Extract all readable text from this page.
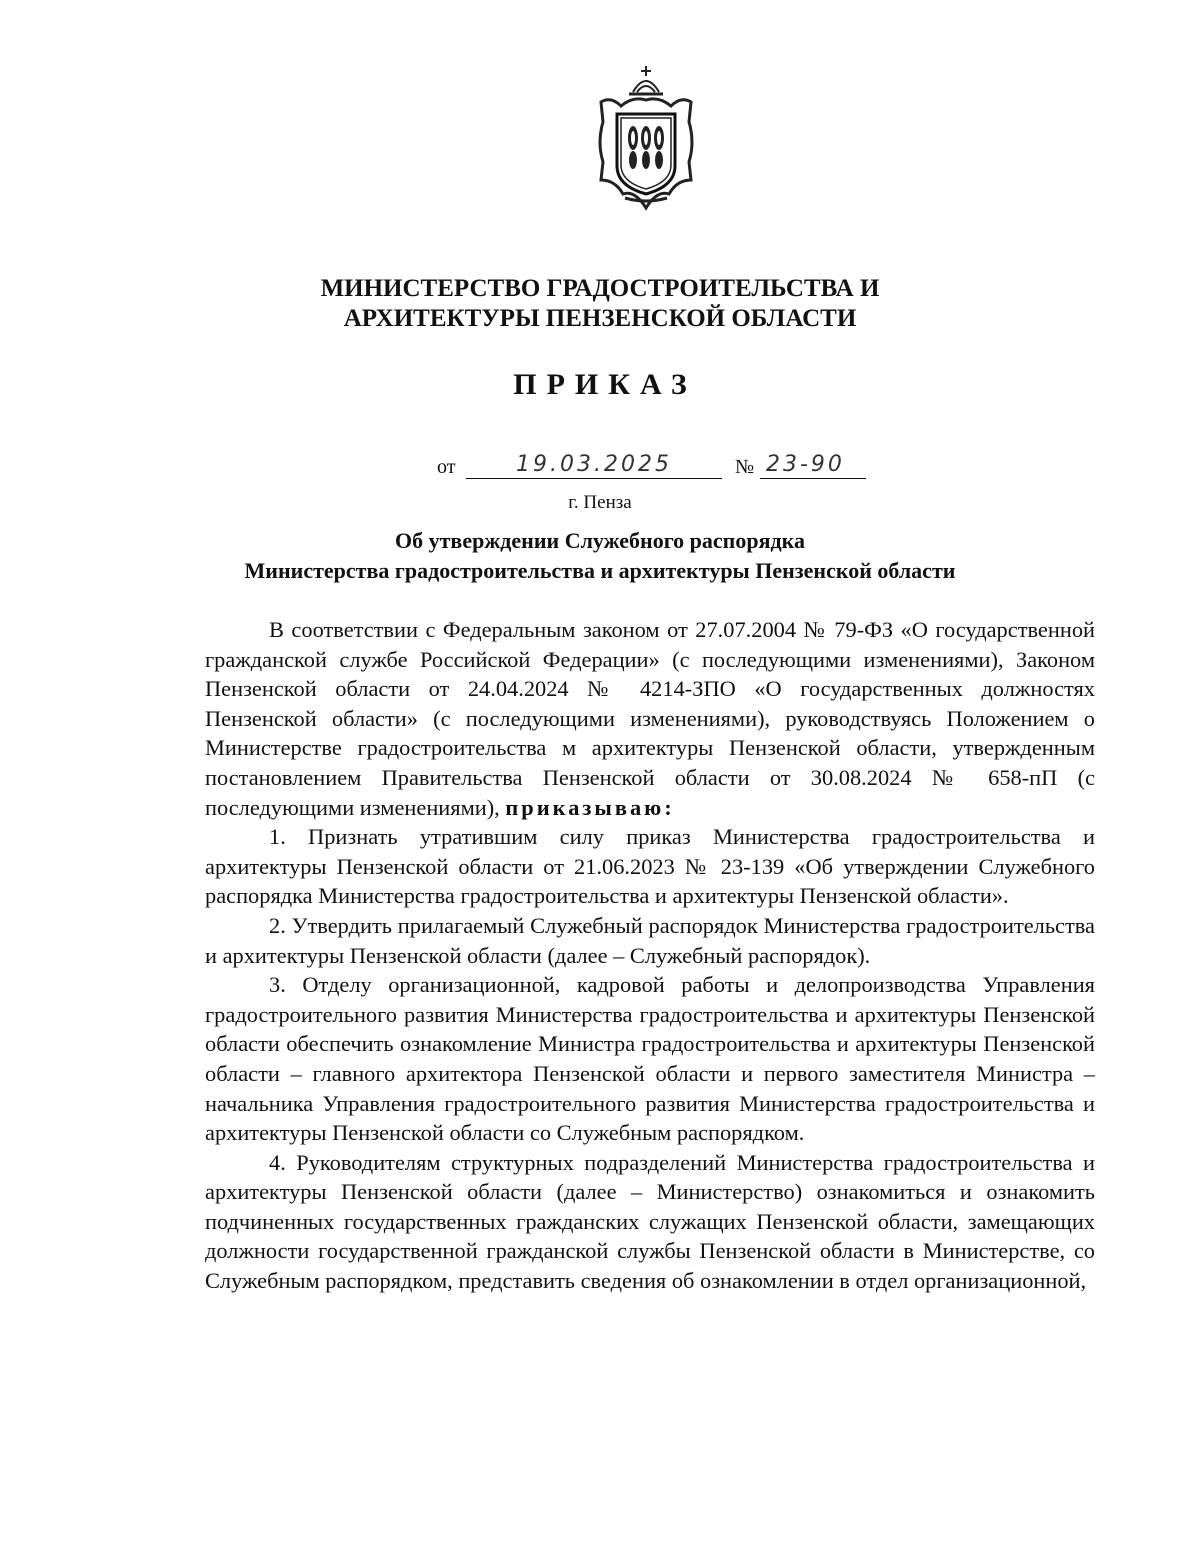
МИНИСТЕРСТВО ГРАДОСТРОИТЕЛЬСТВА И
АРХИТЕКТУРЫ ПЕНЗЕНСКОЙ ОБЛАСТИ
ПРИКАЗ
от	19.03.2025	№ 23-90
г. Пенза
Об утверждении Служебного распорядка
Министерства градостроительства и архитектуры Пензенской области

В соответствии с Федеральным законом от 27.07.2004 № 79-ФЗ «О государственной гражданской службе Российской Федерации» (с последующими изменениями), Законом Пензенской области от 24.04.2024 № 4214-ЗПО «О государственных должностях Пензенской области» (с последующими изменениями), руководствуясь Положением о Министерстве градостроительства м архитектуры Пензенской области, утвержденным постановлением Правительства Пензенской области от 30.08.2024 № 658-пП (с последующими изменениями), приказываю:

1. Признать утратившим силу приказ Министерства градостроительства и архитектуры Пензенской области от 21.06.2023 № 23-139 «Об утверждении Служебного распорядка Министерства градостроительства и архитектуры Пензенской области».

2. Утвердить прилагаемый Служебный распорядок Министерства градостроительства и архитектуры Пензенской области (далее – Служебный распорядок).

3. Отделу организационной, кадровой работы и делопроизводства Управления градостроительного развития Министерства градостроительства и архитектуры Пензенской области обеспечить ознакомление Министра градостроительства и архитектуры Пензенской области – главного архитектора Пензенской области и первого заместителя Министра – начальника Управления градостроительного развития Министерства градостроительства и архитектуры Пензенской области со Служебным распорядком.

4. Руководителям структурных подразделений Министерства градостроительства и архитектуры Пензенской области (далее – Министерство) ознакомиться и ознакомить подчиненных государственных гражданских служащих Пензенской области, замещающих должности государственной гражданской службы Пензенской области в Министерстве, со Служебным распорядком, представить сведения об ознакомлении в отдел организационной,
